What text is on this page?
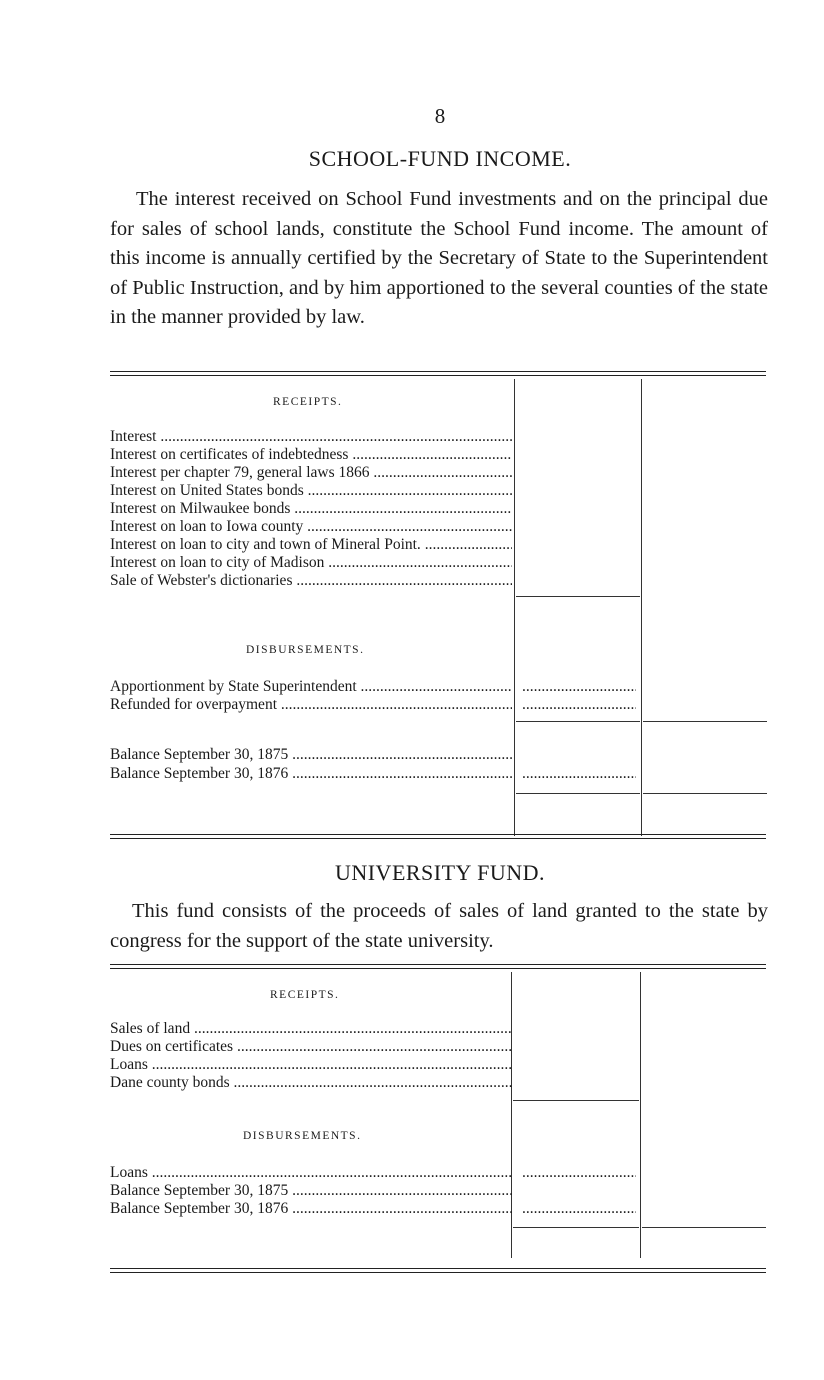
8
SCHOOL-FUND INCOME.
The interest received on School Fund investments and on the principal due for sales of school lands, constitute the School Fund income. The amount of this income is annually certified by the Secretary of State to the Superintendent of Public Instruction, and by him apportioned to the several counties of the state in the manner provided by law.
RECEIPTS.
Interest .....
Interest on certificates of indebtedness .....
Interest per chapter 79, general laws 1866 .....
Interest on United States bonds .....
Interest on Milwaukee bonds .....
Interest on loan to Iowa county .....
Interest on loan to city and town of Mineral Point. .....
Interest on loan to city of Madison .....
Sale of Webster's dictionaries .....
DISBURSEMENTS.
Apportionment by State Superintendent .....
.....
Refunded for overpayment .....
.....
Balance September 30, 1875 .....
Balance September 30, 1876 .....
.....
UNIVERSITY FUND.
This fund consists of the proceeds of sales of land granted to the state by congress for the support of the state university.
RECEIPTS.
Sales of land .....
Dues on certificates .....
Loans .....
Dane county bonds .....
DISBURSEMENTS.
Loans .....
.....
Balance September 30, 1875 .....
Balance September 30, 1876 .....
.....
